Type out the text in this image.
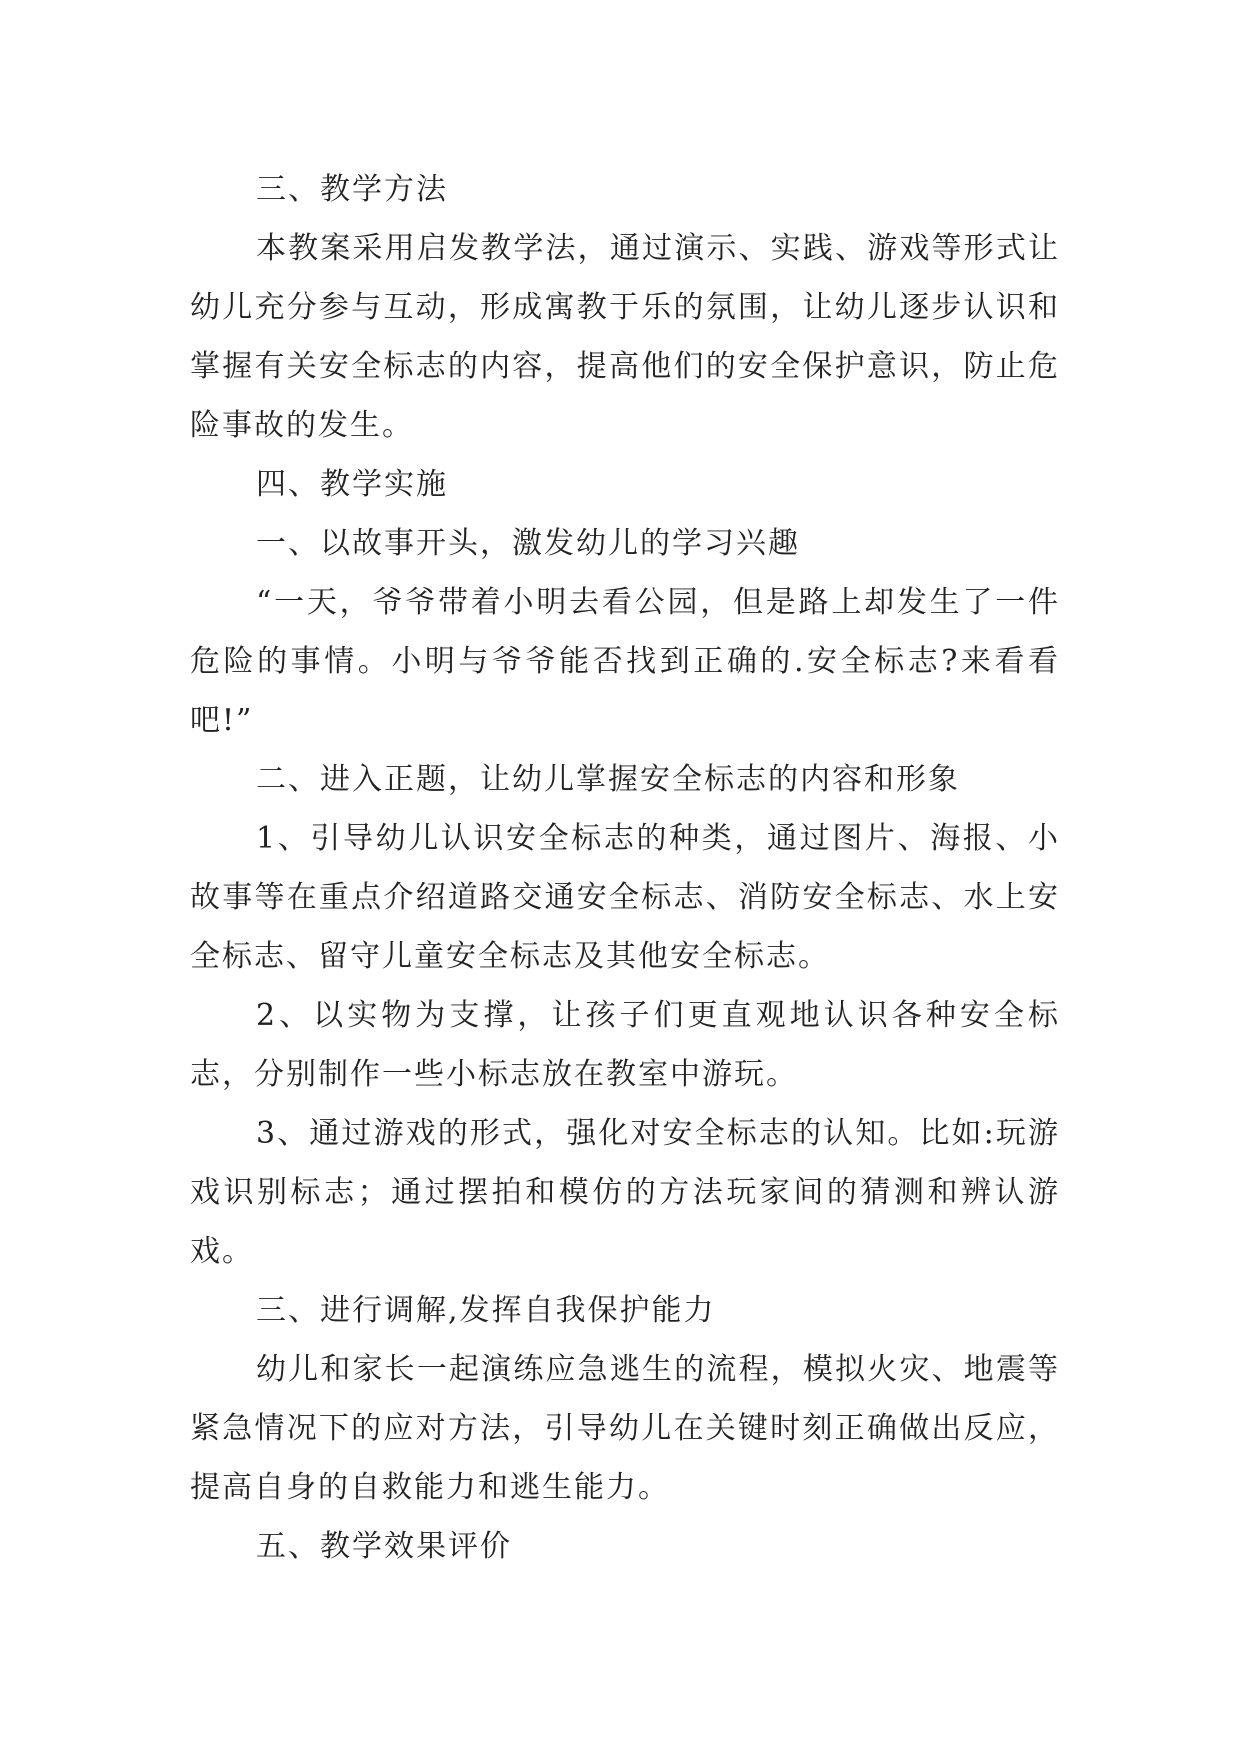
三、教学方法

本教案采用启发教学法，通过演示、实践、游戏等形式让幼儿充分参与互动，形成寓教于乐的氛围，让幼儿逐步认识和掌握有关安全标志的内容，提高他们的安全保护意识，防止危险事故的发生。

四、教学实施

一、以故事开头，激发幼儿的学习兴趣

“一天，爷爷带着小明去看公园，但是路上却发生了一件危险的事情。小明与爷爷能否找到正确的.安全标志?来看看吧!”

二、进入正题，让幼儿掌握安全标志的内容和形象

1、引导幼儿认识安全标志的种类，通过图片、海报、小故事等在重点介绍道路交通安全标志、消防安全标志、水上安全标志、留守儿童安全标志及其他安全标志。

2、以实物为支撑，让孩子们更直观地认识各种安全标志，分别制作一些小标志放在教室中游玩。

3、通过游戏的形式，强化对安全标志的认知。比如:玩游戏识别标志；通过摆拍和模仿的方法玩家间的猜测和辨认游戏。

三、进行调解,发挥自我保护能力

幼儿和家长一起演练应急逃生的流程，模拟火灾、地震等紧急情况下的应对方法，引导幼儿在关键时刻正确做出反应，提高自身的自救能力和逃生能力。

五、教学效果评价
